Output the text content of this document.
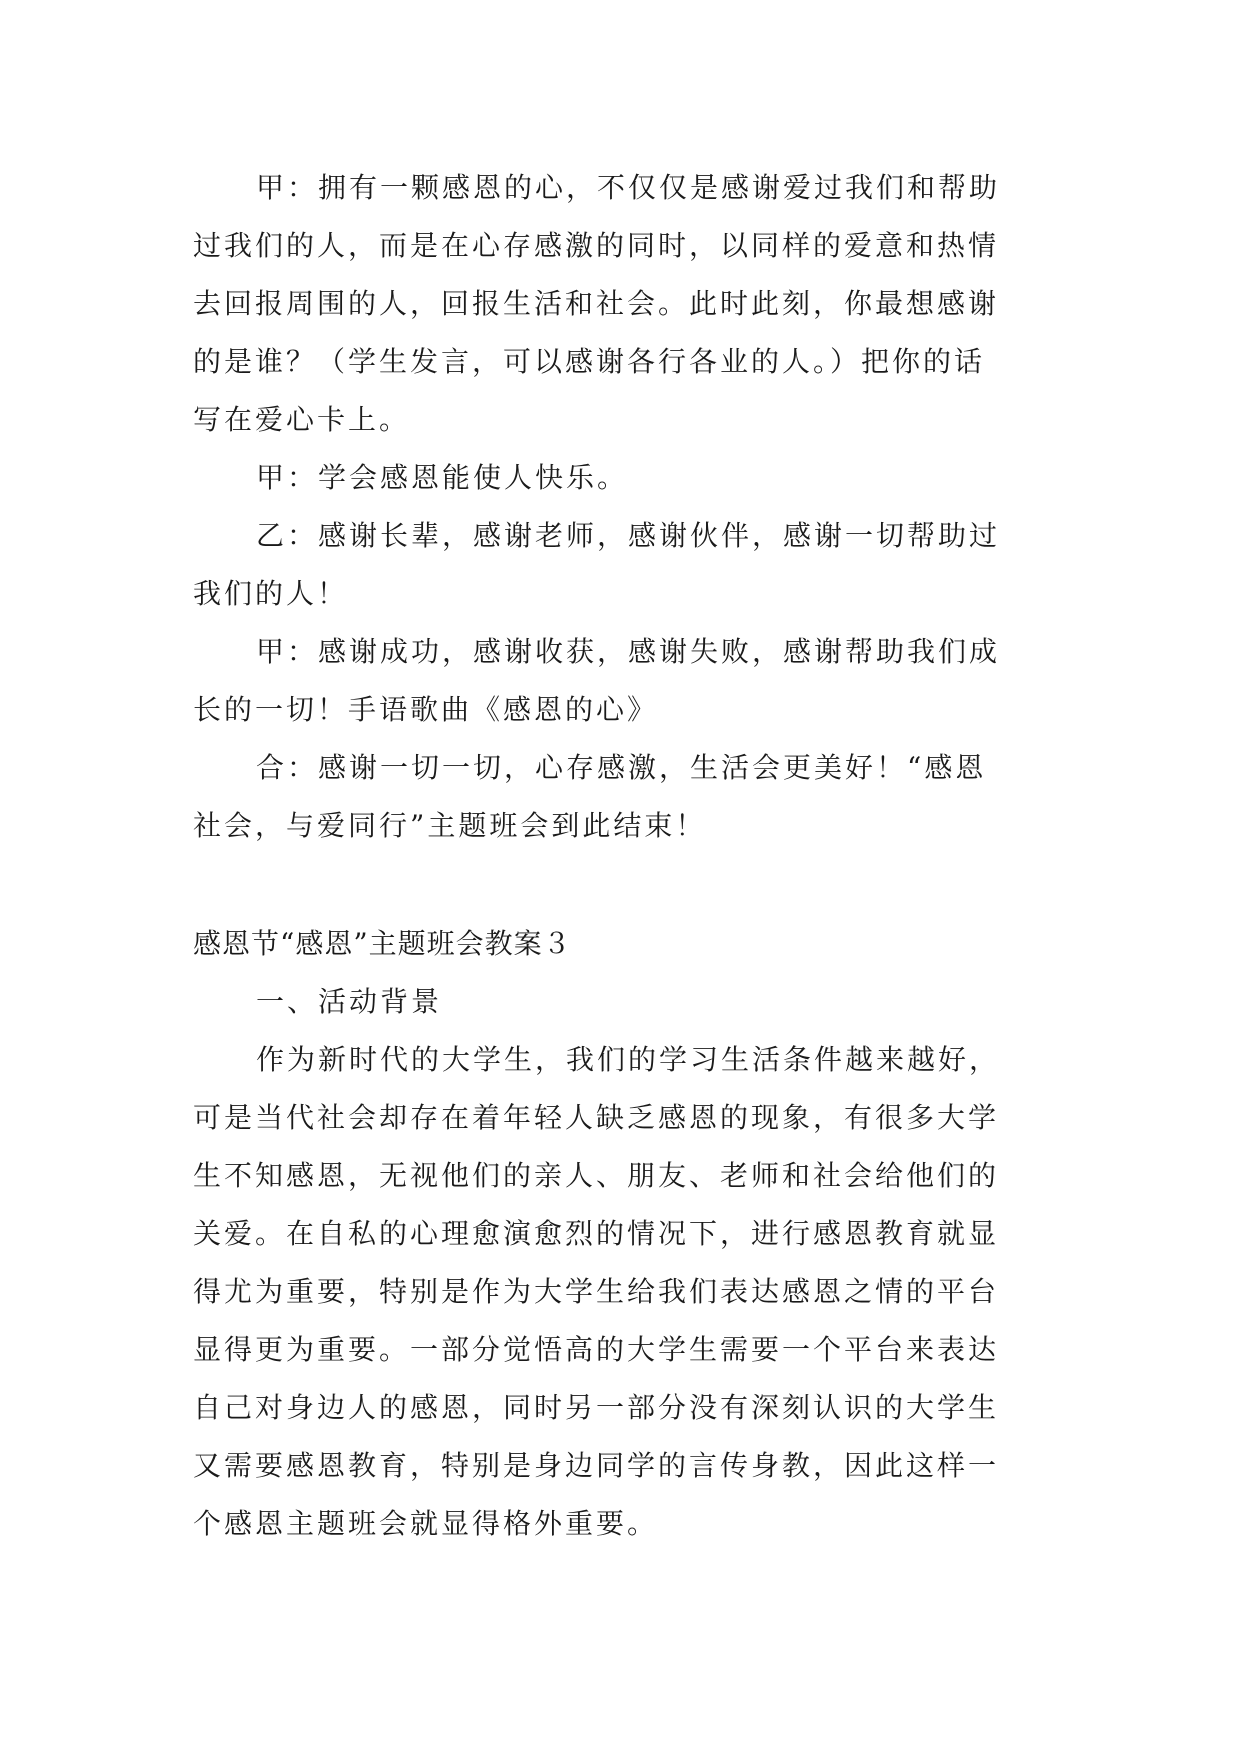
甲：拥有一颗感恩的心，不仅仅是感谢爱过我们和帮助
过我们的人，而是在心存感激的同时，以同样的爱意和热情
去回报周围的人，回报生活和社会。此时此刻，你最想感谢
的是谁？（学生发言，可以感谢各行各业的人。）把你的话
写在爱心卡上。
甲：学会感恩能使人快乐。
乙：感谢长辈，感谢老师，感谢伙伴，感谢一切帮助过
我们的人！
甲：感谢成功，感谢收获，感谢失败，感谢帮助我们成
长的一切！手语歌曲《感恩的心》
合：感谢一切一切，心存感激，生活会更美好！“感恩
社会，与爱同行”主题班会到此结束！
感恩节“感恩”主题班会教案３
一、活动背景
作为新时代的大学生，我们的学习生活条件越来越好，
可是当代社会却存在着年轻人缺乏感恩的现象，有很多大学
生不知感恩，无视他们的亲人、朋友、老师和社会给他们的
关爱。在自私的心理愈演愈烈的情况下，进行感恩教育就显
得尤为重要，特别是作为大学生给我们表达感恩之情的平台
显得更为重要。一部分觉悟高的大学生需要一个平台来表达
自己对身边人的感恩，同时另一部分没有深刻认识的大学生
又需要感恩教育，特别是身边同学的言传身教，因此这样一
个感恩主题班会就显得格外重要。
